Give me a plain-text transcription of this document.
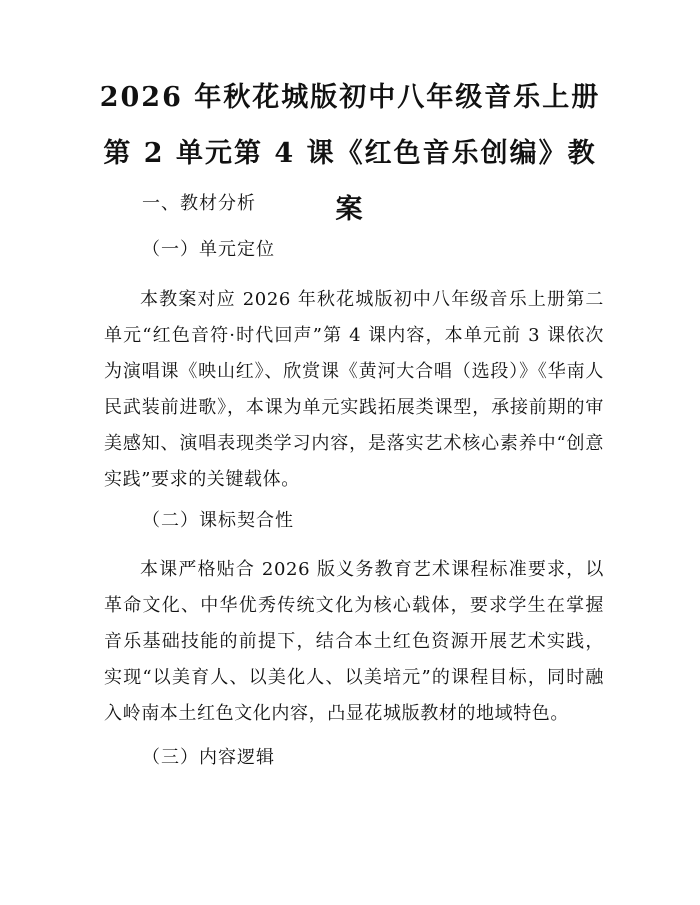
2026 年秋花城版初中八年级音乐上册第 2 单元第 4 课《红色音乐创编》教案
一、教材分析
（一）单元定位
本教案对应 2026 年秋花城版初中八年级音乐上册第二单元“红色音符·时代回声”第 4 课内容，本单元前 3 课依次为演唱课《映山红》、欣赏课《黄河大合唱（选段）》《华南人民武装前进歌》，本课为单元实践拓展类课型，承接前期的审美感知、演唱表现类学习内容，是落实艺术核心素养中“创意实践”要求的关键载体。
（二）课标契合性
本课严格贴合 2026 版义务教育艺术课程标准要求，以革命文化、中华优秀传统文化为核心载体，要求学生在掌握音乐基础技能的前提下，结合本土红色资源开展艺术实践，实现“以美育人、以美化人、以美培元”的课程目标，同时融入岭南本土红色文化内容，凸显花城版教材的地域特色。
（三）内容逻辑
